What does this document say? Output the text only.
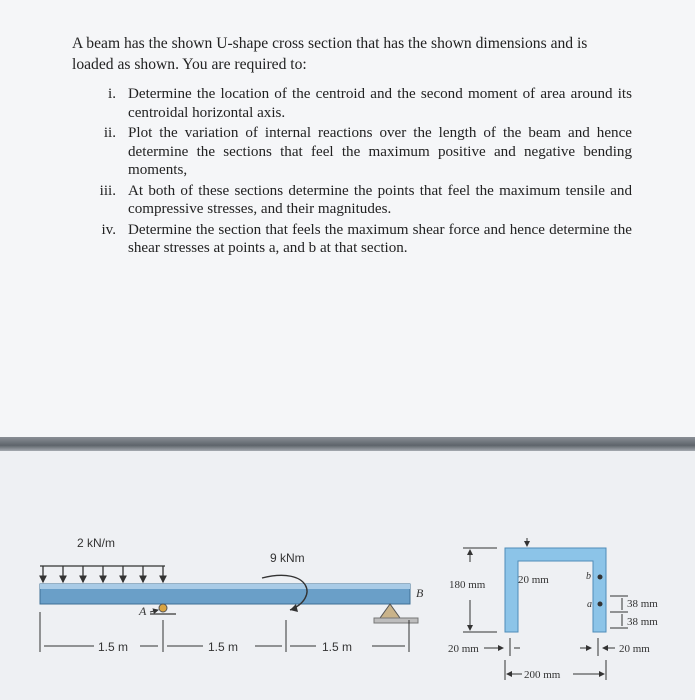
A beam has the shown U-shape cross section that has the shown dimensions and is loaded as shown. You are required to:
i. Determine the location of the centroid and the second moment of area around its centroidal horizontal axis.
ii. Plot the variation of internal reactions over the length of the beam and hence determine the sections that feel the maximum positive and negative bending moments,
iii. At both of these sections determine the points that feel the maximum tensile and compressive stresses, and their magnitudes.
iv. Determine the section that feels the maximum shear force and hence determine the shear stresses at points a, and b at that section.
2 kN/m
9 kNm
A
B
1.5 m	1.5 m	1.5 m
180 mm	20 mm
20 mm	20 mm
200 mm
b
a	38 mm
38 mm
